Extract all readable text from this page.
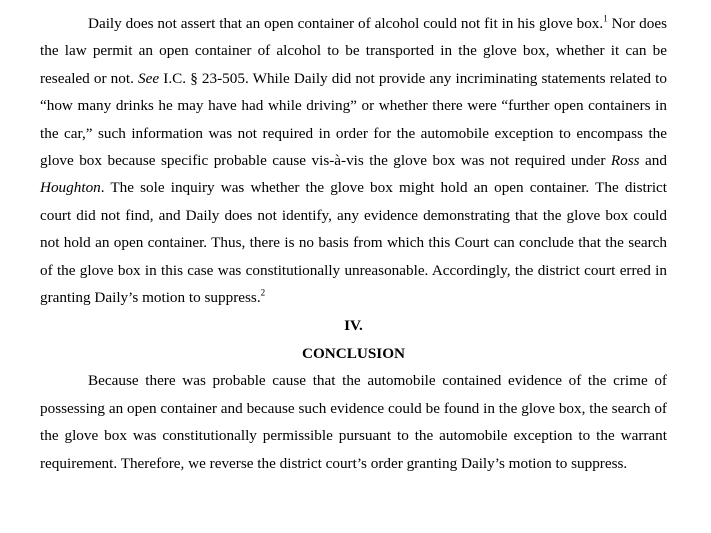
Daily does not assert that an open container of alcohol could not fit in his glove box.$^1$ Nor does the law permit an open container of alcohol to be transported in the glove box, whether it can be resealed or not. See I.C. § 23-505. While Daily did not provide any incriminating statements related to “how many drinks he may have had while driving” or whether there were “further open containers in the car,” such information was not required in order for the automobile exception to encompass the glove box because specific probable cause vis-à-vis the glove box was not required under Ross and Houghton. The sole inquiry was whether the glove box might hold an open container. The district court did not find, and Daily does not identify, any evidence demonstrating that the glove box could not hold an open container. Thus, there is no basis from which this Court can conclude that the search of the glove box in this case was constitutionally unreasonable. Accordingly, the district court erred in granting Daily’s motion to suppress.$^2$

IV.

CONCLUSION

Because there was probable cause that the automobile contained evidence of the crime of possessing an open container and because such evidence could be found in the glove box, the search of the glove box was constitutionally permissible pursuant to the automobile exception to the warrant requirement. Therefore, we reverse the district court’s order granting Daily’s motion to suppress.
